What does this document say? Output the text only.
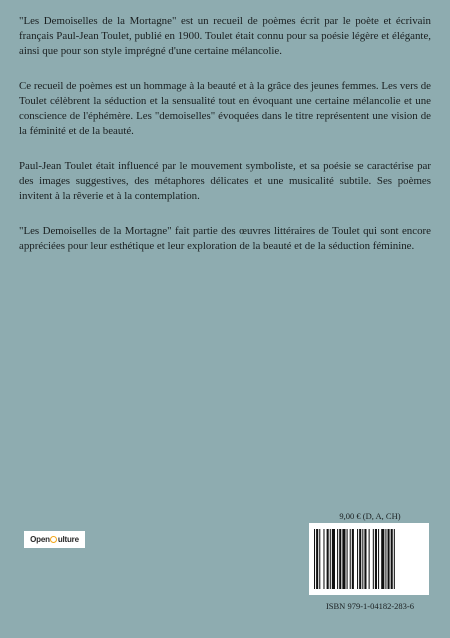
"Les Demoiselles de la Mortagne" est un recueil de poèmes écrit par le poète et écrivain français Paul-Jean Toulet, publié en 1900. Toulet était connu pour sa poésie légère et élégante, ainsi que pour son style imprégné d'une certaine mélancolie.

Ce recueil de poèmes est un hommage à la beauté et à la grâce des jeunes femmes. Les vers de Toulet célèbrent la séduction et la sensualité tout en évoquant une certaine mélancolie et une conscience de l'éphémère. Les "demoiselles" évoquées dans le titre représentent une vision de la féminité et de la beauté.

Paul-Jean Toulet était influencé par le mouvement symboliste, et sa poésie se caractérise par des images suggestives, des métaphores délicates et une musicalité subtile. Ses poèmes invitent à la rêverie et à la contemplation.

"Les Demoiselles de la Mortagne" fait partie des œuvres littéraires de Toulet qui sont encore appréciées pour leur esthétique et leur exploration de la beauté et de la séduction féminine.

Open ulture
9,00 € (D, A, CH)
ISBN 979-1-04182-283-6
